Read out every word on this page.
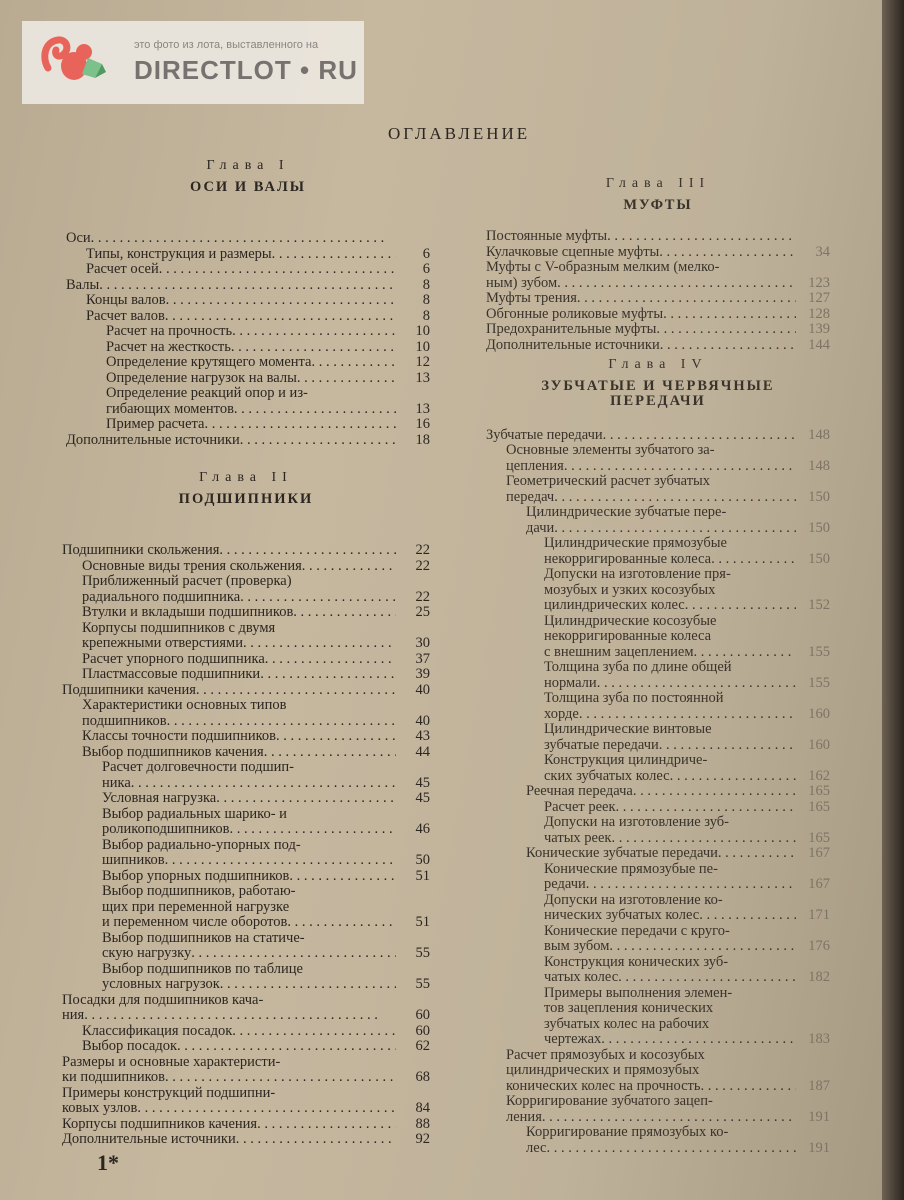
это фото из лота, выставленного на
DIRECTLOT • RU
ОГЛАВЛЕНИЕ
Глава I
ОСИ И ВАЛЫ
Оси . . .
Типы, конструкция и размеры . . .	6
Расчет осей . . .	6
Валы . . .	8
Концы валов . . .	8
Расчет валов . . .	8
Расчет на прочность . . .	10
Расчет на жесткость . . .	10
Определение крутящего момента . . .	12
Определение нагрузок на валы . . .	13
Определение реакций опор и из-
гибающих моментов . . .	13
Пример расчета . . .	16
Дополнительные источники . . .	18
Глава II
ПОДШИПНИКИ
Подшипники скольжения . . .	22
Основные виды трения скольжения . . .	22
Приближенный расчет (проверка)
радиального подшипника . . .	22
Втулки и вкладыши подшипников . . .	25
Корпусы подшипников с двумя
крепежными отверстиями . . .	30
Расчет упорного подшипника . . .	37
Пластмассовые подшипники . . .	39
Подшипники качения . . .	40
Характеристики основных типов
подшипников . . .	40
Классы точности подшипников . . .	43
Выбор подшипников качения . . .	44
Расчет долговечности подшип-
ника . . .	45
Условная нагрузка . . .	45
Выбор радиальных шарико- и
роликоподшипников . . .	46
Выбор радиально-упорных под-
шипников . . .	50
Выбор упорных подшипников . . .	51
Выбор подшипников, работаю-
щих при переменной нагрузке
и переменном числе оборотов . . .	51
Выбор подшипников на статиче-
скую нагрузку . . .	55
Выбор подшипников по таблице
условных нагрузок . . .	55
Посадки для подшипников кача-
ния . . .	60
Классификация посадок . . .	60
Выбор посадок . . .	62
Размеры и основные характеристи-
ки подшипников . . .	68
Примеры конструкций подшипни-
ковых узлов . . .	84
Корпусы подшипников качения . . .	88
Дополнительные источники . . .	92
Глава III
МУФТЫ
Постоянные муфты . . .
Кулачковые сцепные муфты . . .	34
Муфты с V-образным мелким (мелко-
ным) зубом . . .	123
Муфты трения . . .	127
Обгонные роликовые муфты . . .	128
Предохранительные муфты . . .	139
Дополнительные источники . . .	144
Глава IV
ЗУБЧАТЫЕ И ЧЕРВЯЧНЫЕ
ПЕРЕДАЧИ
Зубчатые передачи . . .	148
Основные элементы зубчатого за-
цепления . . .	148
Геометрический расчет зубчатых
передач . . .	150
Цилиндрические зубчатые пере-
дачи . . .	150
Цилиндрические прямозубые
некорригированные колеса . . .	150
Допуски на изготовление пря-
мозубых и узких косозубых
цилиндрических колес . . .	152
Цилиндрические косозубые
некорригированные колеса
с внешним зацеплением . . .	155
Толщина зуба по длине общей
нормали . . .	155
Толщина зуба по постоянной
хорде . . .	160
Цилиндрические винтовые
зубчатые передачи . . .	160
Конструкция цилиндриче-
ских зубчатых колес . . .	162
Реечная передача . . .	165
Расчет реек . . .	165
Допуски на изготовление зуб-
чатых реек . . .	165
Конические зубчатые передачи . . .	167
Конические прямозубые пе-
редачи . . .	167
Допуски на изготовление ко-
нических зубчатых колес . . .	171
Конические передачи с круго-
вым зубом . . .	176
Конструкция конических зуб-
чатых колес . . .	182
Примеры выполнения элемен-
тов зацепления конических
зубчатых колес на рабочих
чертежах . . .	183
Расчет прямозубых и косозубых
цилиндрических и прямозубых
конических колес на прочность . . .	187
Корригирование зубчатого зацеп-
ления . . .	191
Корригирование прямозубых ко-
лес . . .	191
1*
